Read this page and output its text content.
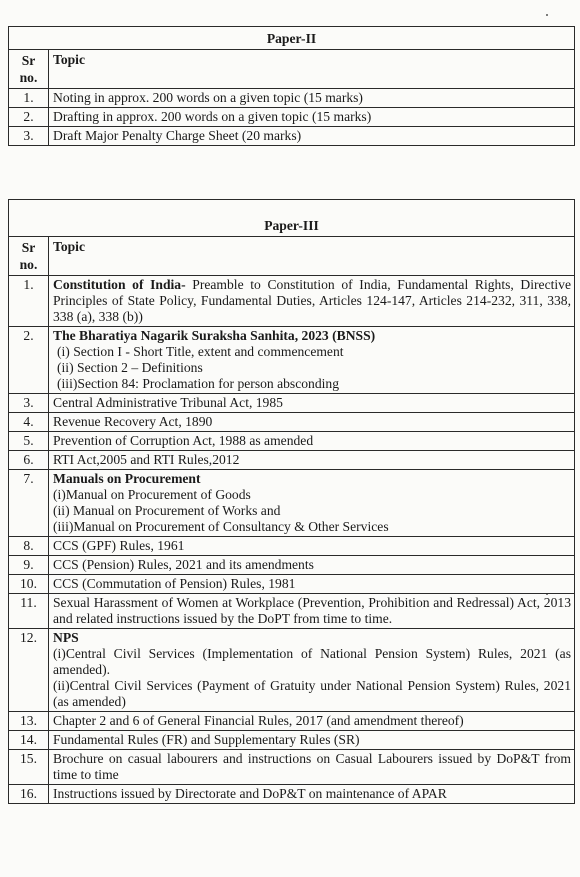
Paper-II	

Sr
no.	Topic
1.	Noting in approx. 200 words on a given topic (15 marks)
2.	Drafting in approx. 200 words on a given topic (15 marks)
3.	Draft Major Penalty Charge Sheet (20 marks)
Paper-III	

Sr
no.	Topic
1.	Constitution of India- Preamble to Constitution of India, Fundamental Rights, Directive Principles of State Policy, Fundamental Duties, Articles 124-147, Articles 214-232, 311, 338, 338 (a), 338 (b))
2.	The Bharatiya Nagarik Suraksha Sanhita, 2023 (BNSS)
(i) Section I - Short Title, extent and commencement
(ii) Section 2 – Definitions
(iii)Section 84: Proclamation for person absconding

3.	Central Administrative Tribunal Act, 1985
4.	Revenue Recovery Act, 1890
5.	Prevention of Corruption Act, 1988 as amended
6.	RTI Act,2005 and RTI Rules,2012
7.	Manuals on Procurement
(i)Manual on Procurement of Goods
(ii) Manual on Procurement of Works and
(iii)Manual on Procurement of Consultancy & Other Services

8.	CCS (GPF) Rules, 1961
9.	CCS (Pension) Rules, 2021 and its amendments
10.	CCS (Commutation of Pension) Rules, 1981
11.	Sexual Harassment of Women at Workplace (Prevention, Prohibition and Redressal) Act, 2013 and related instructions issued by the DoPT from time to time.
12.	NPS
(i)Central Civil Services (Implementation of National Pension System) Rules, 2021 (as amended).
(ii)Central Civil Services (Payment of Gratuity under National Pension System) Rules, 2021 (as amended)

13.	Chapter 2 and 6 of General Financial Rules, 2017 (and amendment thereof)
14.	Fundamental Rules (FR) and Supplementary Rules (SR)
15.	Brochure on casual labourers and instructions on Casual Labourers issued by DoP&T from time to time
16.	Instructions issued by Directorate and DoP&T on maintenance of APAR
